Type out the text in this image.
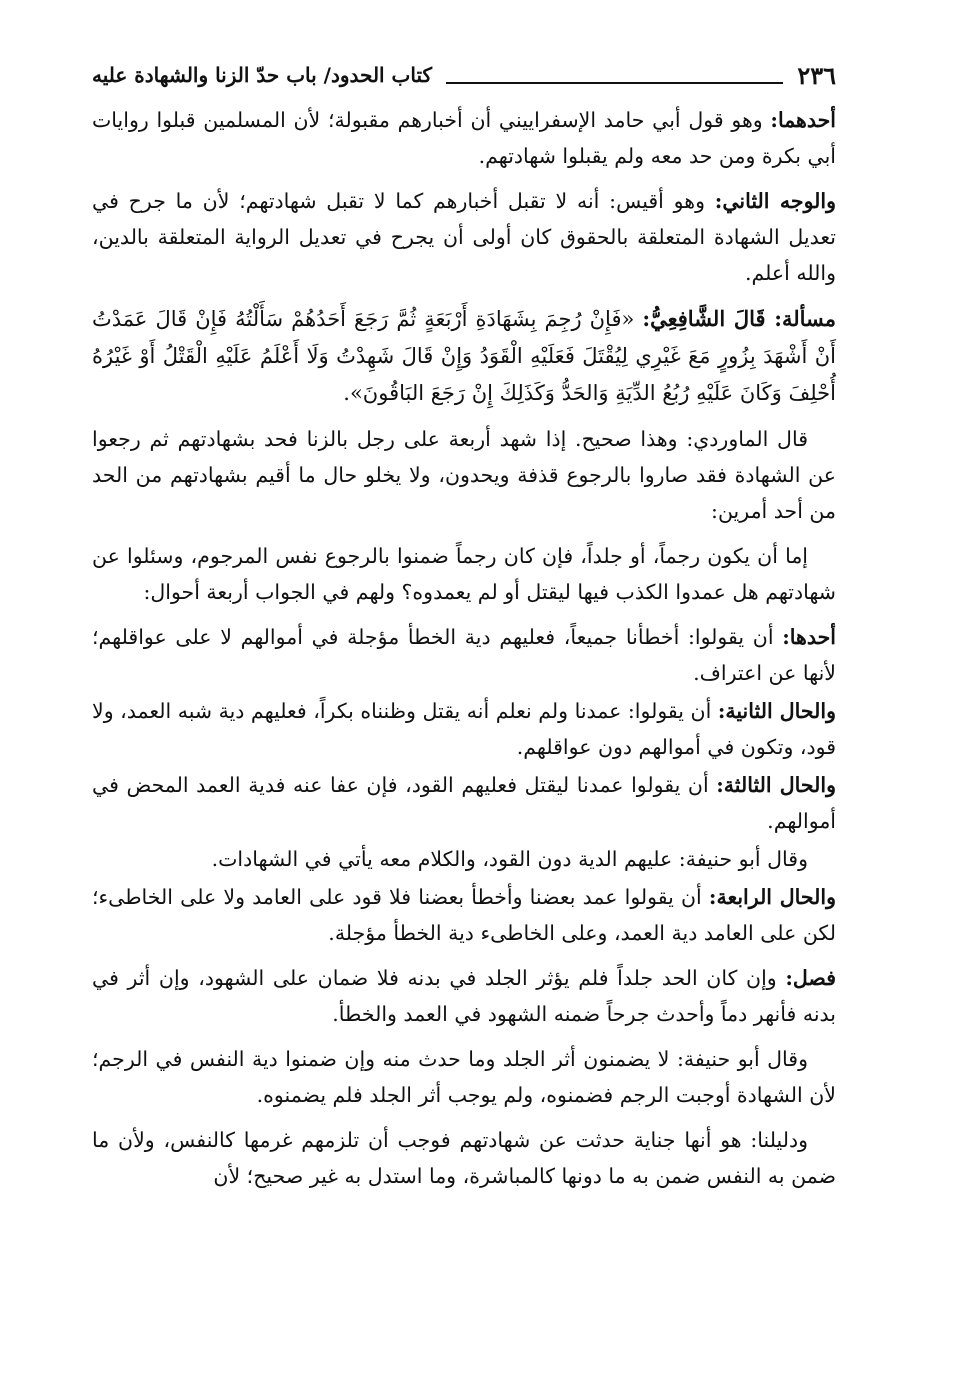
٢٣٦
كتاب الحدود/ باب حدّ الزنا والشهادة عليه

أحدهما: وهو قول أبي حامد الإسفراييني أن أخبارهم مقبولة؛ لأن المسلمين قبلوا روايات أبي بكرة ومن حد معه ولم يقبلوا شهادتهم.

والوجه الثاني: وهو أقيس: أنه لا تقبل أخبارهم كما لا تقبل شهادتهم؛ لأن ما جرح في تعديل الشهادة المتعلقة بالحقوق كان أولى أن يجرح في تعديل الرواية المتعلقة بالدين، والله أعلم.

مسألة: قَالَ الشَّافِعِيُّ: «فَإِنْ رُجِمَ بِشَهَادَةِ أَرْبَعَةٍ ثُمَّ رَجَعَ أَحَدُهُمْ سَأَلْتُهُ فَإِنْ قَالَ عَمَدْتُ أَنْ أَشْهَدَ بِزُورٍ مَعَ غَيْرِي لِيُقْتَلَ فَعَلَيْهِ الْقَوَدُ وَإِنْ قَالَ شَهِدْتُ وَلَا أَعْلَمُ عَلَيْهِ الْقَتْلُ أَوْ غَيْرُهُ أُحْلِفَ وَكَانَ عَلَيْهِ رُبُعُ الدِّيَةِ وَالحَدُّ وَكَذَلِكَ إِنْ رَجَعَ البَاقُونَ».

قال الماوردي: وهذا صحيح. إذا شهد أربعة على رجل بالزنا فحد بشهادتهم ثم رجعوا عن الشهادة فقد صاروا بالرجوع قذفة ويحدون، ولا يخلو حال ما أقيم بشهادتهم من الحد من أحد أمرين:

إما أن يكون رجماً، أو جلداً، فإن كان رجماً ضمنوا بالرجوع نفس المرجوم، وسئلوا عن شهادتهم هل عمدوا الكذب فيها ليقتل أو لم يعمدوه؟ ولهم في الجواب أربعة أحوال:

أحدها: أن يقولوا: أخطأنا جميعاً، فعليهم دية الخطأ مؤجلة في أموالهم لا على عواقلهم؛ لأنها عن اعتراف.

والحال الثانية: أن يقولوا: عمدنا ولم نعلم أنه يقتل وظنناه بكراً، فعليهم دية شبه العمد، ولا قود، وتكون في أموالهم دون عواقلهم.

والحال الثالثة: أن يقولوا عمدنا ليقتل فعليهم القود، فإن عفا عنه فدية العمد المحض في أموالهم.

وقال أبو حنيفة: عليهم الدية دون القود، والكلام معه يأتي في الشهادات.

والحال الرابعة: أن يقولوا عمد بعضنا وأخطأ بعضنا فلا قود على العامد ولا على الخاطىء؛ لكن على العامد دية العمد، وعلى الخاطىء دية الخطأ مؤجلة.

فصل: وإن كان الحد جلداً فلم يؤثر الجلد في بدنه فلا ضمان على الشهود، وإن أثر في بدنه فأنهر دماً وأحدث جرحاً ضمنه الشهود في العمد والخطأ.

وقال أبو حنيفة: لا يضمنون أثر الجلد وما حدث منه وإن ضمنوا دية النفس في الرجم؛ لأن الشهادة أوجبت الرجم فضمنوه، ولم يوجب أثر الجلد فلم يضمنوه.

ودليلنا: هو أنها جناية حدثت عن شهادتهم فوجب أن تلزمهم غرمها كالنفس، ولأن ما ضمن به النفس ضمن به ما دونها كالمباشرة، وما استدل به غير صحيح؛ لأن
